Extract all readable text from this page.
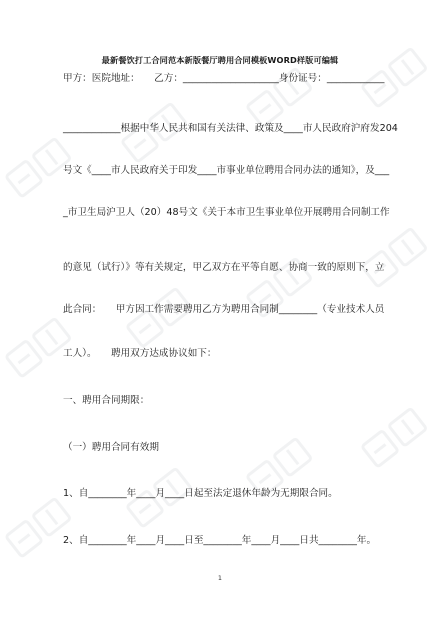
最新餐饮打工合同范本新版餐厅聘用合同模板WORD样版可编辑
甲方：医院地址：　　乙方：____________________身份证号：____________
____________根据中华人民共和国有关法律、政策及____市人民政府沪府发204
号文《____市人民政府关于印发____市事业单位聘用合同办法的通知》，及___
_市卫生局沪卫人（20）48号文《关于本市卫生事业单位开展聘用合同制工作
的意见（试行）》等有关规定，甲乙双方在平等自愿、协商一致的原则下，立
此合同：　　甲方因工作需要聘用乙方为聘用合同制________（专业技术人员
工人）。　　聘用双方达成协议如下：
一、聘用合同期限：
（一）聘用合同有效期
1、自________年____月____日起至法定退休年龄为无期限合同。
2、自________年____月____日至________年____月____日共________年。
1
